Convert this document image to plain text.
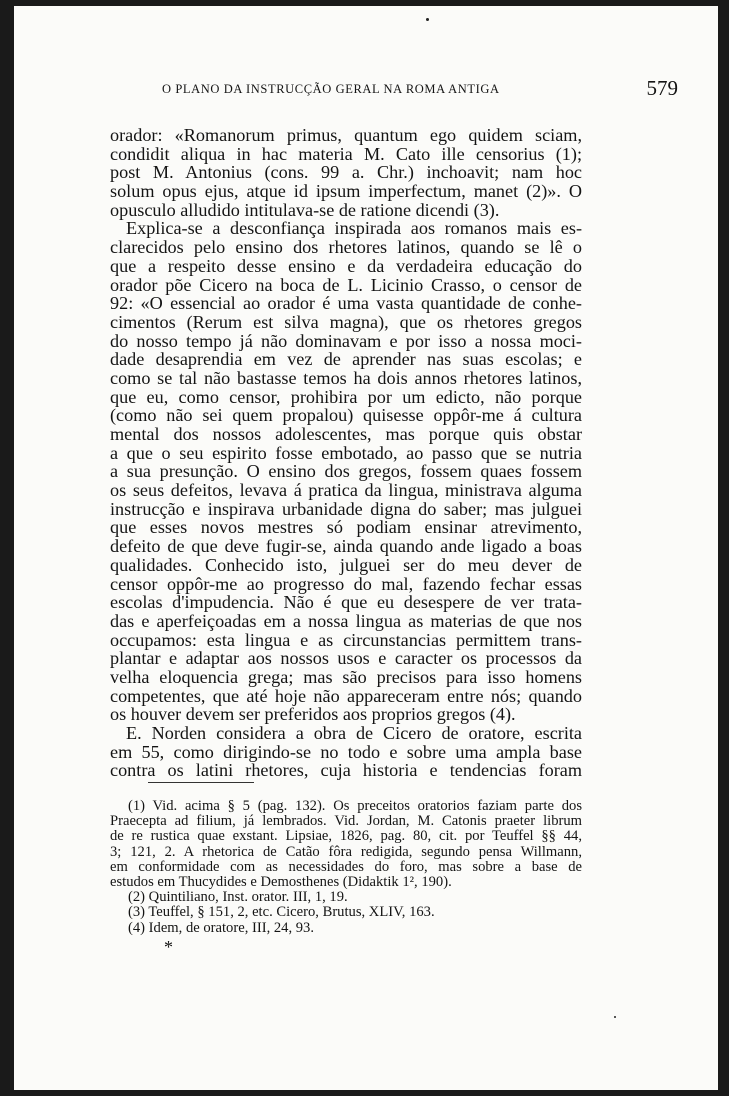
O PLANO DA INSTRUCÇÃO GERAL NA ROMA ANTIGA	579
orador: «Romanorum primus, quantum ego quidem sciam,
condidit aliqua in hac materia M. Cato ille censorius (1);
post M. Antonius (cons. 99 a. Chr.) inchoavit; nam hoc
solum opus ejus, atque id ipsum imperfectum, manet (2)». O
opusculo alludido intitulava-se de ratione dicendi (3).
Explica-se a desconfiança inspirada aos romanos mais es-
clarecidos pelo ensino dos rhetores latinos, quando se lê o
que a respeito desse ensino e da verdadeira educação do
orador põe Cicero na boca de L. Licinio Crasso, o censor de
92: «O essencial ao orador é uma vasta quantidade de conhe-
cimentos (Rerum est silva magna), que os rhetores gregos
do nosso tempo já não dominavam e por isso a nossa moci-
dade desaprendia em vez de aprender nas suas escolas; e
como se tal não bastasse temos ha dois annos rhetores latinos,
que eu, como censor, prohibira por um edicto, não porque
(como não sei quem propalou) quisesse oppôr-me á cultura
mental dos nossos adolescentes, mas porque quis obstar
a que o seu espirito fosse embotado, ao passo que se nutria
a sua presunção. O ensino dos gregos, fossem quaes fossem
os seus defeitos, levava á pratica da lingua, ministrava alguma
instrucção e inspirava urbanidade digna do saber; mas julguei
que esses novos mestres só podiam ensinar atrevimento,
defeito de que deve fugir-se, ainda quando ande ligado a boas
qualidades. Conhecido isto, julguei ser do meu dever de
censor oppôr-me ao progresso do mal, fazendo fechar essas
escolas d'impudencia. Não é que eu desespere de ver trata-
das e aperfeiçoadas em a nossa lingua as materias de que nos
occupamos: esta lingua e as circunstancias permittem trans-
plantar e adaptar aos nossos usos e caracter os processos da
velha eloquencia grega; mas são precisos para isso homens
competentes, que até hoje não appareceram entre nós; quando
os houver devem ser preferidos aos proprios gregos (4).
E. Norden considera a obra de Cicero de oratore, escrita
em 55, como dirigindo-se no todo e sobre uma ampla base
contra os latini rhetores, cuja historia e tendencias foram
(1) Vid. acima § 5 (pag. 132). Os preceitos oratorios faziam parte dos
Praecepta ad filium, já lembrados. Vid. Jordan, M. Catonis praeter librum
de re rustica quae exstant. Lipsiae, 1826, pag. 80, cit. por Teuffel §§ 44,
3; 121, 2. A rhetorica de Catão fôra redigida, segundo pensa Willmann,
em conformidade com as necessidades do foro, mas sobre a base de
estudos em Thucydides e Demosthenes (Didaktik 1², 190).
(2) Quintiliano, Inst. orator. III, 1, 19.
(3) Teuffel, § 151, 2, etc. Cicero, Brutus, XLIV, 163.
(4) Idem, de oratore, III, 24, 93.
*
